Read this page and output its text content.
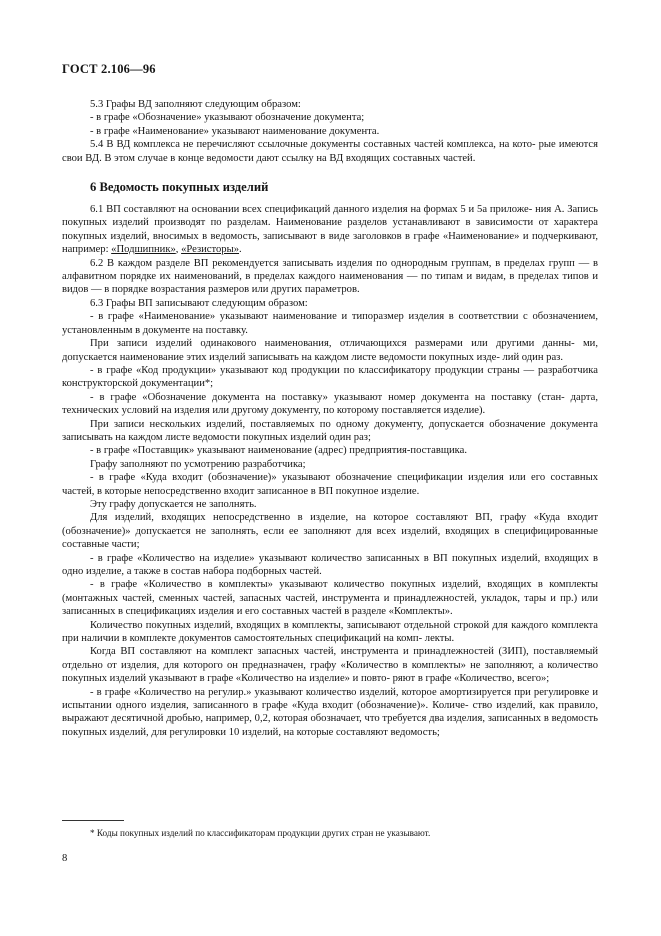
ГОСТ 2.106—96

5.3 Графы ВД заполняют следующим образом:

- в графе «Обозначение» указывают обозначение документа;

- в графе «Наименование» указывают наименование документа.

5.4 В ВД комплекса не перечисляют ссылочные документы составных частей комплекса, на кото- рые имеются свои ВД. В этом случае в конце ведомости дают ссылку на ВД входящих составных частей.

6 Ведомость покупных изделий

6.1 ВП составляют на основании всех спецификаций данного изделия на формах 5 и 5а приложе- ния А. Запись покупных изделий производят по разделам. Наименование разделов устанавливают в зависимости от характера покупных изделий, вносимых в ведомость, записывают в виде заголовков в графе «Наименование» и подчеркивают, например: «Подшипник», «Резисторы».

6.2 В каждом разделе ВП рекомендуется записывать изделия по однородным группам, в пределах групп — в алфавитном порядке их наименований, в пределах каждого наименования — по типам и видам, в пределах типов и видов — в порядке возрастания размеров или других параметров.

6.3 Графы ВП записывают следующим образом:

- в графе «Наименование» указывают наименование и типоразмер изделия в соответствии с обозначением, установленным в документе на поставку.

При записи изделий одинакового наименования, отличающихся размерами или другими данны- ми, допускается наименование этих изделий записывать на каждом листе ведомости покупных изде- лий один раз.

- в графе «Код продукции» указывают код продукции по классификатору продукции страны — разработчика конструкторской документации*;

- в графе «Обозначение документа на поставку» указывают номер документа на поставку (стан- дарта, технических условий на изделия или другому документу, по которому поставляется изделие).

При записи нескольких изделий, поставляемых по одному документу, допускается обозначение документа записывать на каждом листе ведомости покупных изделий один раз;

- в графе «Поставщик» указывают наименование (адрес) предприятия-поставщика.

Графу заполняют по усмотрению разработчика;

- в графе «Куда входит (обозначение)» указывают обозначение спецификации изделия или его составных частей, в которые непосредственно входит записанное в ВП покупное изделие.

Эту графу допускается не заполнять.

Для изделий, входящих непосредственно в изделие, на которое составляют ВП, графу «Куда входит (обозначение)» допускается не заполнять, если ее заполняют для всех изделий, входящих в специфицированные составные части;

- в графе «Количество на изделие» указывают количество записанных в ВП покупных изделий, входящих в одно изделие, а также в состав набора подборных частей.

- в графе «Количество в комплекты» указывают количество покупных изделий, входящих в комплекты (монтажных частей, сменных частей, запасных частей, инструмента и принадлежностей, укладок, тары и пр.) или записанных в спецификациях изделия и его составных частей в разделе «Комплекты».

Количество покупных изделий, входящих в комплекты, записывают отдельной строкой для каждого комплекта при наличии в комплекте документов самостоятельных спецификаций на комп- лекты.

Когда ВП составляют на комплект запасных частей, инструмента и принадлежностей (ЗИП), поставляемый отдельно от изделия, для которого он предназначен, графу «Количество в комплекты» не заполняют, а количество покупных изделий указывают в графе «Количество на изделие» и повто- ряют в графе «Количество, всего»;

- в графе «Количество на регулир.» указывают количество изделий, которое амортизируется при регулировке и испытании одного изделия, записанного в графе «Куда входит (обозначение)». Количе- ство изделий, как правило, выражают десятичной дробью, например, 0,2, которая обозначает, что требуется два изделия, записанных в ведомость покупных изделий, для регулировки 10 изделий, на которые составляют ведомость;

* Коды покупных изделий по классификаторам продукции других стран не указывают.
8
